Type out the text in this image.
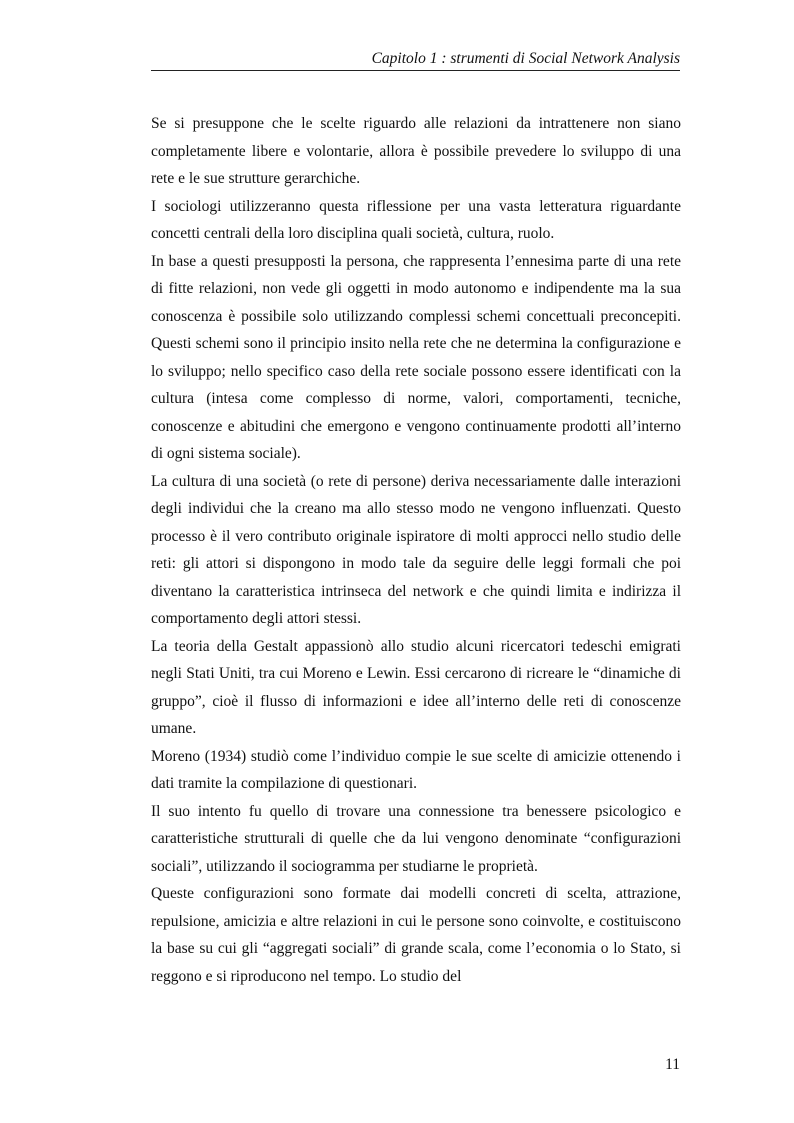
Capitolo 1 : strumenti di Social Network Analysis

Se si presuppone che le scelte riguardo alle relazioni da intrattenere non siano completamente libere e volontarie, allora è possibile prevedere lo sviluppo di una rete e le sue strutture gerarchiche.

I sociologi utilizzeranno questa riflessione per una vasta letteratura riguardante concetti centrali della loro disciplina quali società, cultura, ruolo.

In base a questi presupposti la persona, che rappresenta l’ennesima parte di una rete di fitte relazioni, non vede gli oggetti in modo autonomo e indipendente ma la sua conoscenza è possibile solo utilizzando complessi schemi concettuali preconcepiti. Questi schemi sono il principio insito nella rete che ne determina la configurazione e lo sviluppo; nello specifico caso della rete sociale possono essere identificati con la cultura (intesa come complesso di norme, valori, comportamenti, tecniche, conoscenze e abitudini che emergono e vengono continuamente prodotti all’interno di ogni sistema sociale).

La cultura di una società (o rete di persone) deriva necessariamente dalle interazioni degli individui che la creano ma allo stesso modo ne vengono influenzati. Questo processo è il vero contributo originale ispiratore di molti approcci nello studio delle reti: gli attori si dispongono in modo tale da seguire delle leggi formali che poi diventano la caratteristica intrinseca del network e che quindi limita e indirizza il comportamento degli attori stessi.

La teoria della Gestalt appassionò allo studio alcuni ricercatori tedeschi emigrati negli Stati Uniti, tra cui Moreno e Lewin. Essi cercarono di ricreare le “dinamiche di gruppo”, cioè il flusso di informazioni e idee all’interno delle reti di conoscenze umane.

Moreno (1934) studiò come l’individuo compie le sue scelte di amicizie ottenendo i dati tramite la compilazione di questionari.

Il suo intento fu quello di trovare una connessione tra benessere psicologico e caratteristiche strutturali di quelle che da lui vengono denominate “configurazioni sociali”, utilizzando il sociogramma per studiarne le proprietà.

Queste configurazioni sono formate dai modelli concreti di scelta, attrazione, repulsione, amicizia e altre relazioni in cui le persone sono coinvolte, e costituiscono la base su cui gli “aggregati sociali” di grande scala, come l’economia o lo Stato, si reggono e si riproducono nel tempo. Lo studio del

11
